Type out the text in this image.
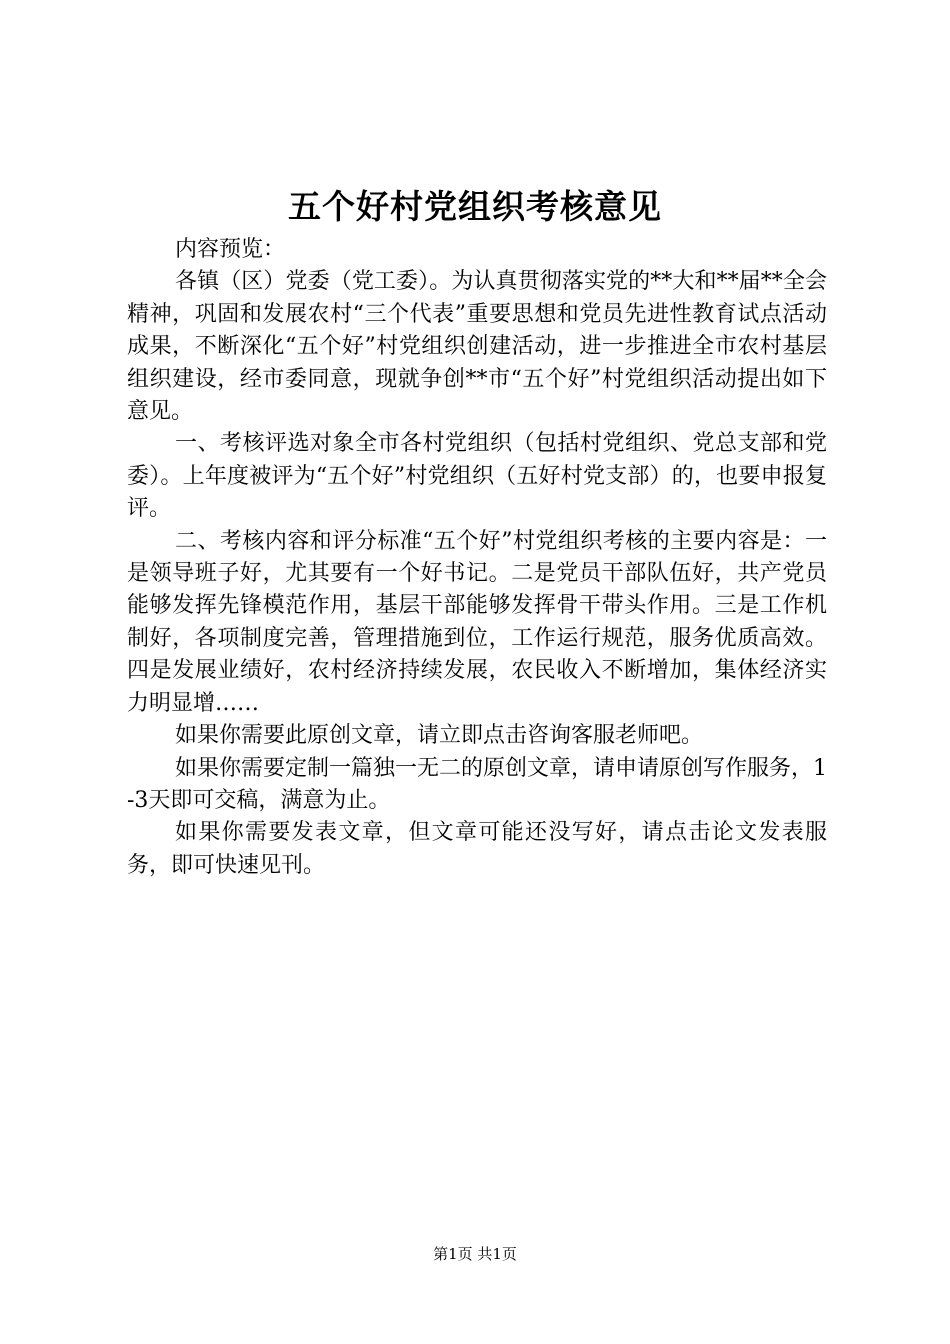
五个好村党组织考核意见

内容预览：

各镇（区）党委（党工委）。为认真贯彻落实党的**大和**届**全会精神，巩固和发展农村“三个代表”重要思想和党员先进性教育试点活动成果，不断深化“五个好”村党组织创建活动，进一步推进全市农村基层组织建设，经市委同意，现就争创**市“五个好”村党组织活动提出如下意见。

一、考核评选对象全市各村党组织（包括村党组织、党总支部和党委）。上年度被评为“五个好”村党组织（五好村党支部）的，也要申报复评。

二、考核内容和评分标准“五个好”村党组织考核的主要内容是：一是领导班子好，尤其要有一个好书记。二是党员干部队伍好，共产党员能够发挥先锋模范作用，基层干部能够发挥骨干带头作用。三是工作机制好，各项制度完善，管理措施到位，工作运行规范，服务优质高效。四是发展业绩好，农村经济持续发展，农民收入不断增加，集体经济实力明显增……

如果你需要此原创文章，请立即点击咨询客服老师吧。

如果你需要定制一篇独一无二的原创文章，请申请原创写作服务，1-3天即可交稿，满意为止。

如果你需要发表文章，但文章可能还没写好，请点击论文发表服务，即可快速见刊。

第1页 共1页
